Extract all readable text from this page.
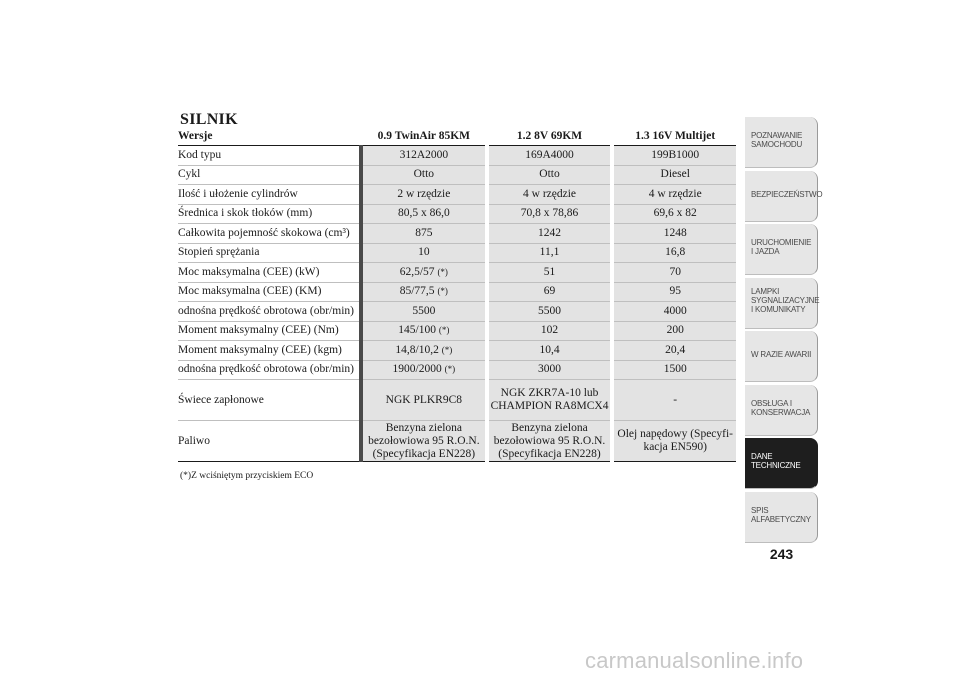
SILNIK
Wersje	0.9 TwinAir 85KM	1.2 8V 69KM	1.3 16V Multijet
Kod typu	312A2000	169A4000	199B1000
Cykl	Otto	Otto	Diesel
Ilość i ułożenie cylindrów	2 w rzędzie	4 w rzędzie	4 w rzędzie
Średnica i skok tłoków (mm)	80,5 x 86,0	70,8 x 78,86	69,6 x 82
Całkowita pojemność skokowa (cm³)	875	1242	1248
Stopień sprężania	10	11,1	16,8
Moc maksymalna (CEE) (kW)	62,5/57 (*)	51	70
Moc maksymalna (CEE) (KM)	85/77,5 (*)	69	95
odnośna prędkość obrotowa (obr/min)	5500	5500	4000
Moment maksymalny (CEE) (Nm)	145/100 (*)	102	200
Moment maksymalny (CEE) (kgm)	14,8/10,2 (*)	10,4	20,4
odnośna prędkość obrotowa (obr/min)	1900/2000 (*)	3000	1500
Świece zapłonowe	NGK PLKR9C8	NGK ZKR7A-10 lub CHAMPION RA8MCX4	-
Paliwo	Benzyna zielona bezołowiowa 95 R.O.N. (Specyfikacja EN228)	Benzyna zielona bezołowiowa 95 R.O.N. (Specyfikacja EN228)	Olej napędowy (Specyfi-kacja EN590)
(*)Z wciśniętym przyciskiem ECO
POZNAWANIE SAMOCHODU
BEZPIECZEŃSTWO
URUCHOMIENIE I JAZDA
LAMPKI SYGNALIZACYJNE I KOMUNIKATY
W RAZIE AWARII
OBSŁUGA I KONSERWACJA
DANE TECHNICZNE
SPIS ALFABETYCZNY
243
carmanualsonline.info
